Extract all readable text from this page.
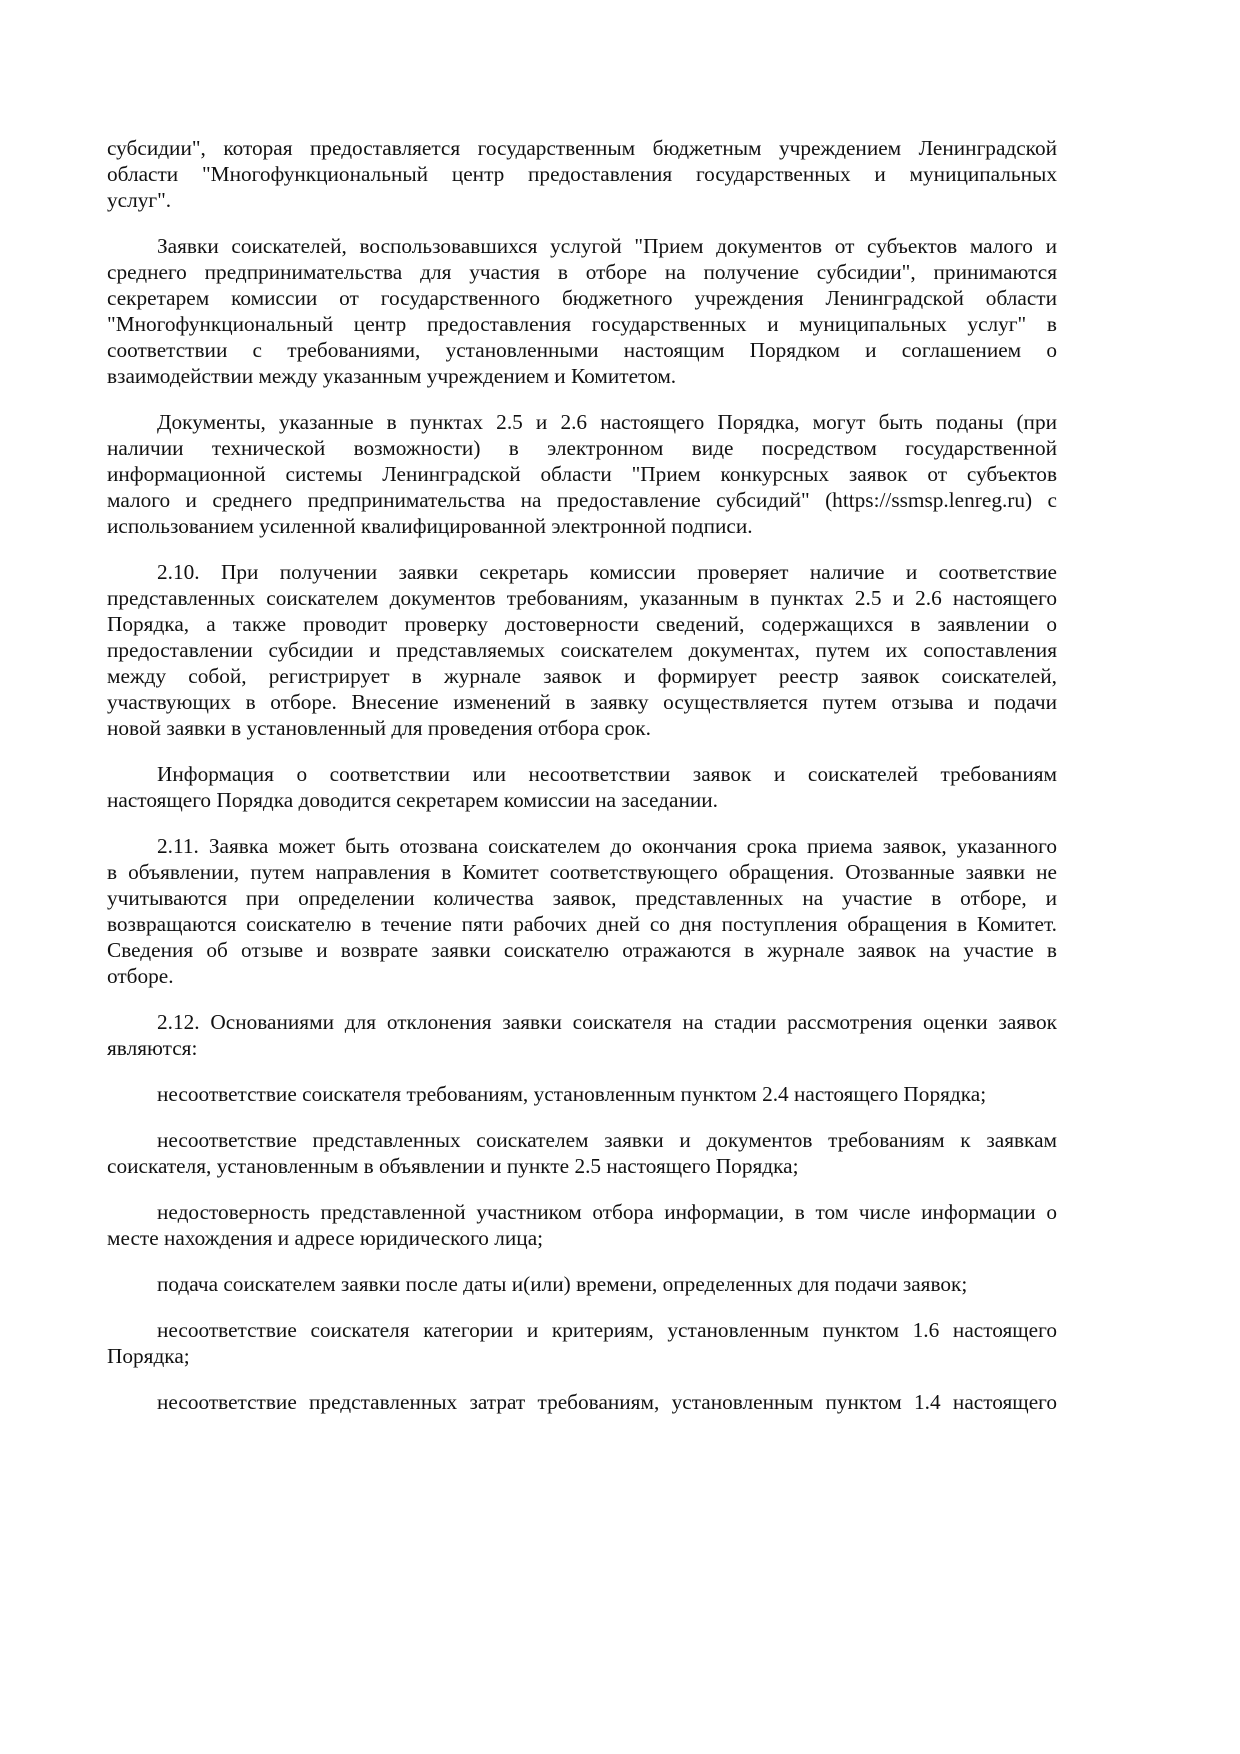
субсидии", которая предоставляется государственным бюджетным учреждением Ленинградской
области "Многофункциональный центр предоставления государственных и муниципальных
услуг".
Заявки соискателей, воспользовавшихся услугой "Прием документов от субъектов малого и
среднего предпринимательства для участия в отборе на получение субсидии", принимаются
секретарем комиссии от государственного бюджетного учреждения Ленинградской области
"Многофункциональный центр предоставления государственных и муниципальных услуг" в
соответствии с требованиями, установленными настоящим Порядком и соглашением о
взаимодействии между указанным учреждением и Комитетом.
Документы, указанные в пунктах 2.5 и 2.6 настоящего Порядка, могут быть поданы (при
наличии технической возможности) в электронном виде посредством государственной
информационной системы Ленинградской области "Прием конкурсных заявок от субъектов
малого и среднего предпринимательства на предоставление субсидий" (https://ssmsp.lenreg.ru) с
использованием усиленной квалифицированной электронной подписи.
2.10. При получении заявки секретарь комиссии проверяет наличие и соответствие
представленных соискателем документов требованиям, указанным в пунктах 2.5 и 2.6 настоящего
Порядка, а также проводит проверку достоверности сведений, содержащихся в заявлении о
предоставлении субсидии и представляемых соискателем документах, путем их сопоставления
между собой, регистрирует в журнале заявок и формирует реестр заявок соискателей,
участвующих в отборе. Внесение изменений в заявку осуществляется путем отзыва и подачи
новой заявки в установленный для проведения отбора срок.
Информация о соответствии или несоответствии заявок и соискателей требованиям
настоящего Порядка доводится секретарем комиссии на заседании.
2.11. Заявка может быть отозвана соискателем до окончания срока приема заявок, указанного
в объявлении, путем направления в Комитет соответствующего обращения. Отозванные заявки не
учитываются при определении количества заявок, представленных на участие в отборе, и
возвращаются соискателю в течение пяти рабочих дней со дня поступления обращения в Комитет.
Сведения об отзыве и возврате заявки соискателю отражаются в журнале заявок на участие в
отборе.
2.12. Основаниями для отклонения заявки соискателя на стадии рассмотрения оценки заявок
являются:
несоответствие соискателя требованиям, установленным пунктом 2.4 настоящего Порядка;
несоответствие представленных соискателем заявки и документов требованиям к заявкам
соискателя, установленным в объявлении и пункте 2.5 настоящего Порядка;
недостоверность представленной участником отбора информации, в том числе информации о
месте нахождения и адресе юридического лица;
подача соискателем заявки после даты и(или) времени, определенных для подачи заявок;
несоответствие соискателя категории и критериям, установленным пунктом 1.6 настоящего
Порядка;
несоответствие представленных затрат требованиям, установленным пунктом 1.4 настоящего
